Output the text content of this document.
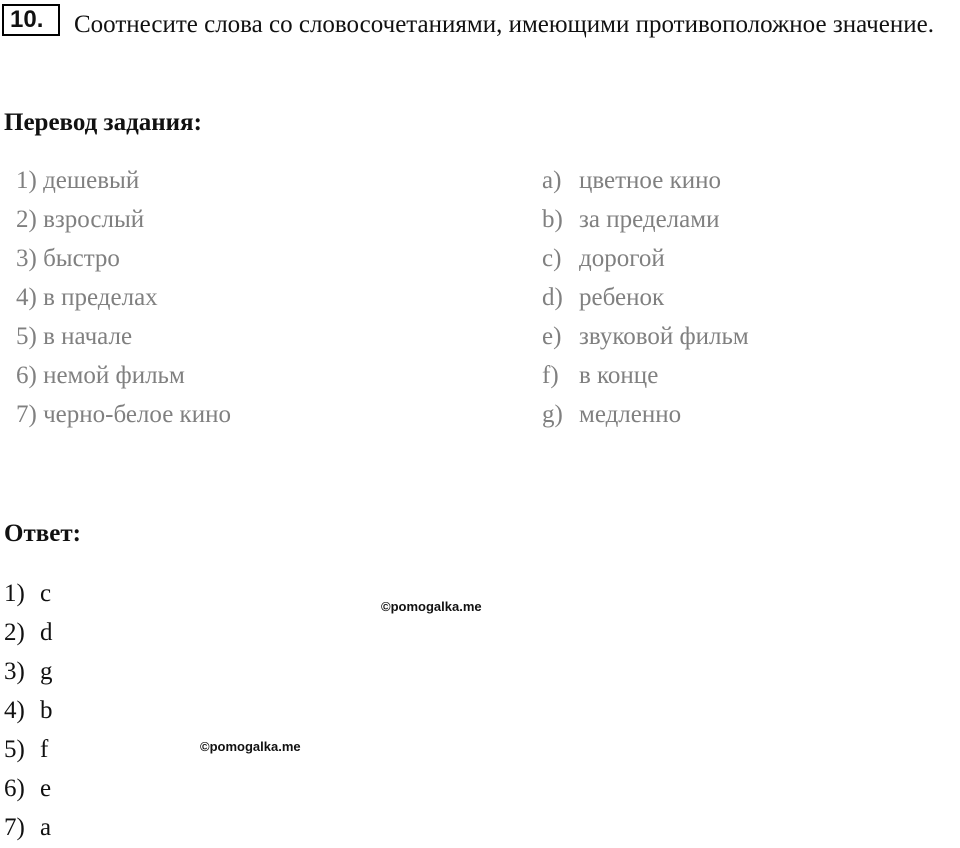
10.	Соотнесите слова со словосочетаниями, имеющими противоположное значение.

Перевод задания:
1) дешевый
2) взрослый
3) быстро
4) в пределах
5) в начале
6) немой фильм
7) черно-белое кино
a) цветное кино
b) за пределами
c) дорогой
d) ребенок
e) звуковой фильм
f) в конце
g) медленно
Ответ:
1) c
2) d
3) g
4) b
5) f
6) e
7) a
©pomogalka.me
©pomogalka.me
